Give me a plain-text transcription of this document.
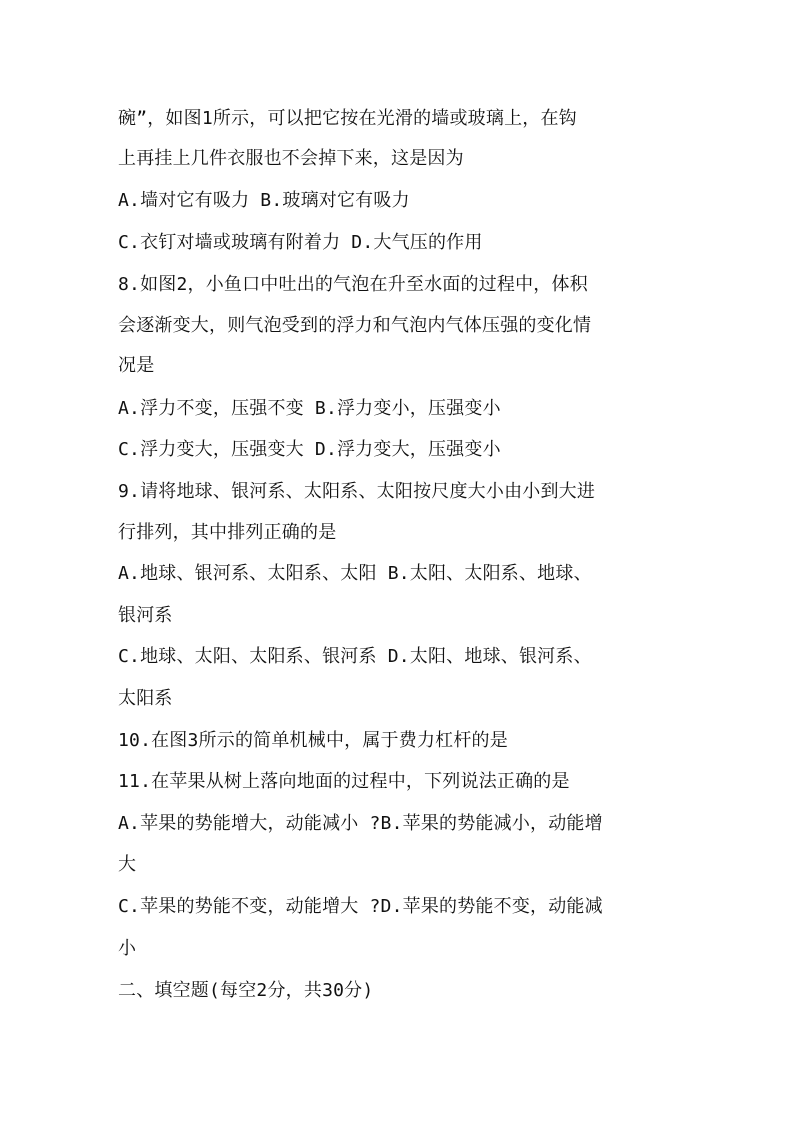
碗”，如图1所示，可以把它按在光滑的墙或玻璃上，在钩

上再挂上几件衣服也不会掉下来，这是因为

A.墙对它有吸力 B.玻璃对它有吸力

C.衣钉对墙或玻璃有附着力 D.大气压的作用

8.如图2，小鱼口中吐出的气泡在升至水面的过程中，体积

会逐渐变大，则气泡受到的浮力和气泡内气体压强的变化情

况是

A.浮力不变，压强不变 B.浮力变小，压强变小

C.浮力变大，压强变大 D.浮力变大，压强变小

9.请将地球、银河系、太阳系、太阳按尺度大小由小到大进

行排列，其中排列正确的是

A.地球、银河系、太阳系、太阳 B.太阳、太阳系、地球、

银河系

C.地球、太阳、太阳系、银河系 D.太阳、地球、银河系、

太阳系

10.在图3所示的简单机械中，属于费力杠杆的是

11.在苹果从树上落向地面的过程中，下列说法正确的是

A.苹果的势能增大，动能减小 ?B.苹果的势能减小，动能增

大

C.苹果的势能不变，动能增大 ?D.苹果的势能不变，动能减

小

二、填空题(每空2分，共30分)
